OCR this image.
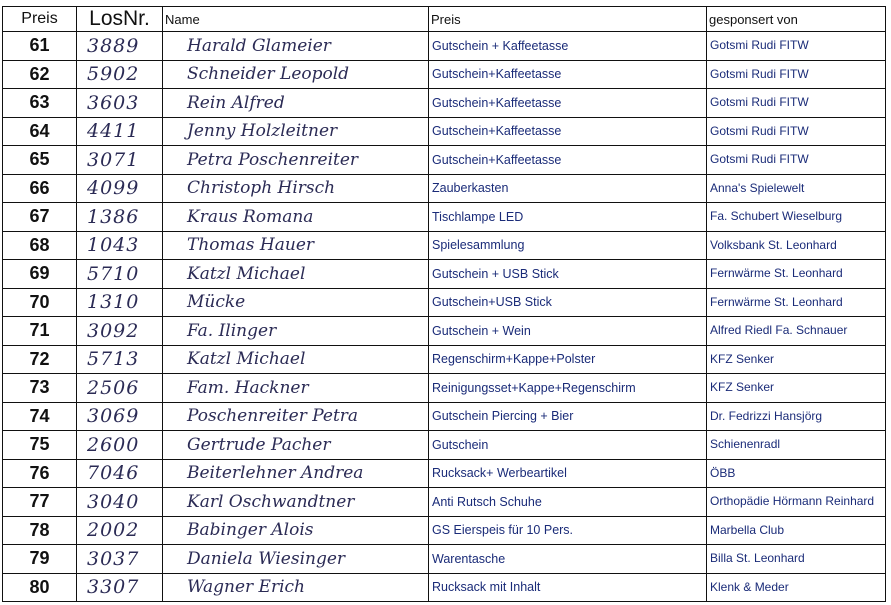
Preis	LosNr.	Name	Preis	gesponsert von
61	3889	Harald Glameier	Gutschein + Kaffeetasse	Gotsmi Rudi FITW
62	5902	Schneider Leopold	Gutschein+Kaffeetasse	Gotsmi Rudi FITW
63	3603	Rein Alfred	Gutschein+Kaffeetasse	Gotsmi Rudi FITW
64	4411	Jenny Holzleitner	Gutschein+Kaffeetasse	Gotsmi Rudi FITW
65	3071	Petra Poschenreiter	Gutschein+Kaffeetasse	Gotsmi Rudi FITW
66	4099	Christoph Hirsch	Zauberkasten	Anna's Spielewelt
67	1386	Kraus Romana	Tischlampe LED	Fa. Schubert Wieselburg
68	1043	Thomas Hauer	Spielesammlung	Volksbank St. Leonhard
69	5710	Katzl Michael	Gutschein + USB Stick	Fernwärme St. Leonhard
70	1310	Mücke	Gutschein+USB Stick	Fernwärme St. Leonhard
71	3092	Fa. Ilinger	Gutschein + Wein	Alfred Riedl Fa. Schnauer
72	5713	Katzl Michael	Regenschirm+Kappe+Polster	KFZ Senker
73	2506	Fam. Hackner	Reinigungsset+Kappe+Regenschirm	KFZ Senker
74	3069	Poschenreiter Petra	Gutschein Piercing + Bier	Dr. Fedrizzi Hansjörg
75	2600	Gertrude Pacher	Gutschein	Schienenradl
76	7046	Beiterlehner Andrea	Rucksack+ Werbeartikel	ÖBB
77	3040	Karl Oschwandtner	Anti Rutsch Schuhe	Orthopädie Hörmann Reinhard
78	2002	Babinger Alois	GS Eierspeis für 10 Pers.	Marbella Club
79	3037	Daniela Wiesinger	Warentasche	Billa St. Leonhard
80	3307	Wagner Erich	Rucksack mit Inhalt	Klenk & Meder
